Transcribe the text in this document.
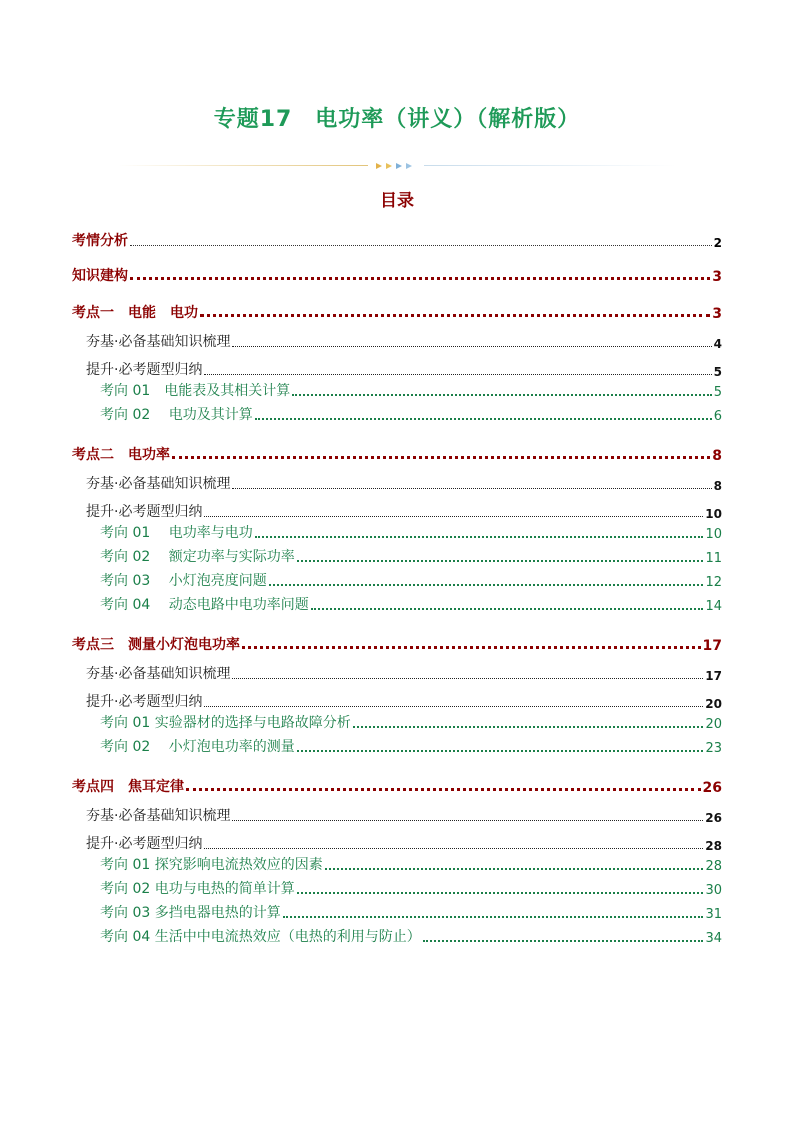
专题17　电功率（讲义）（解析版）
目录
考情分析	2
知识建构	3
考点一　电能　电功	3
夯基·必备基础知识梳理	4
提升·必考题型归纳	5
考向 01　电能表及其相关计算	5
考向 02　 电功及其计算	6
考点二　电功率	8
夯基·必备基础知识梳理	8
提升·必考题型归纳	10
考向 01　 电功率与电功	10
考向 02　 额定功率与实际功率	11
考向 03　 小灯泡亮度问题	12
考向 04　 动态电路中电功率问题	14
考点三　测量小灯泡电功率	17
夯基·必备基础知识梳理	17
提升·必考题型归纳	20
考向 01 实验器材的选择与电路故障分析	20
考向 02　 小灯泡电功率的测量	23
考点四　焦耳定律	26
夯基·必备基础知识梳理	26
提升·必考题型归纳	28
考向 01 探究影响电流热效应的因素	28
考向 02 电功与电热的简单计算	30
考向 03 多挡电器电热的计算	31
考向 04 生活中中电流热效应（电热的利用与防止）	34
